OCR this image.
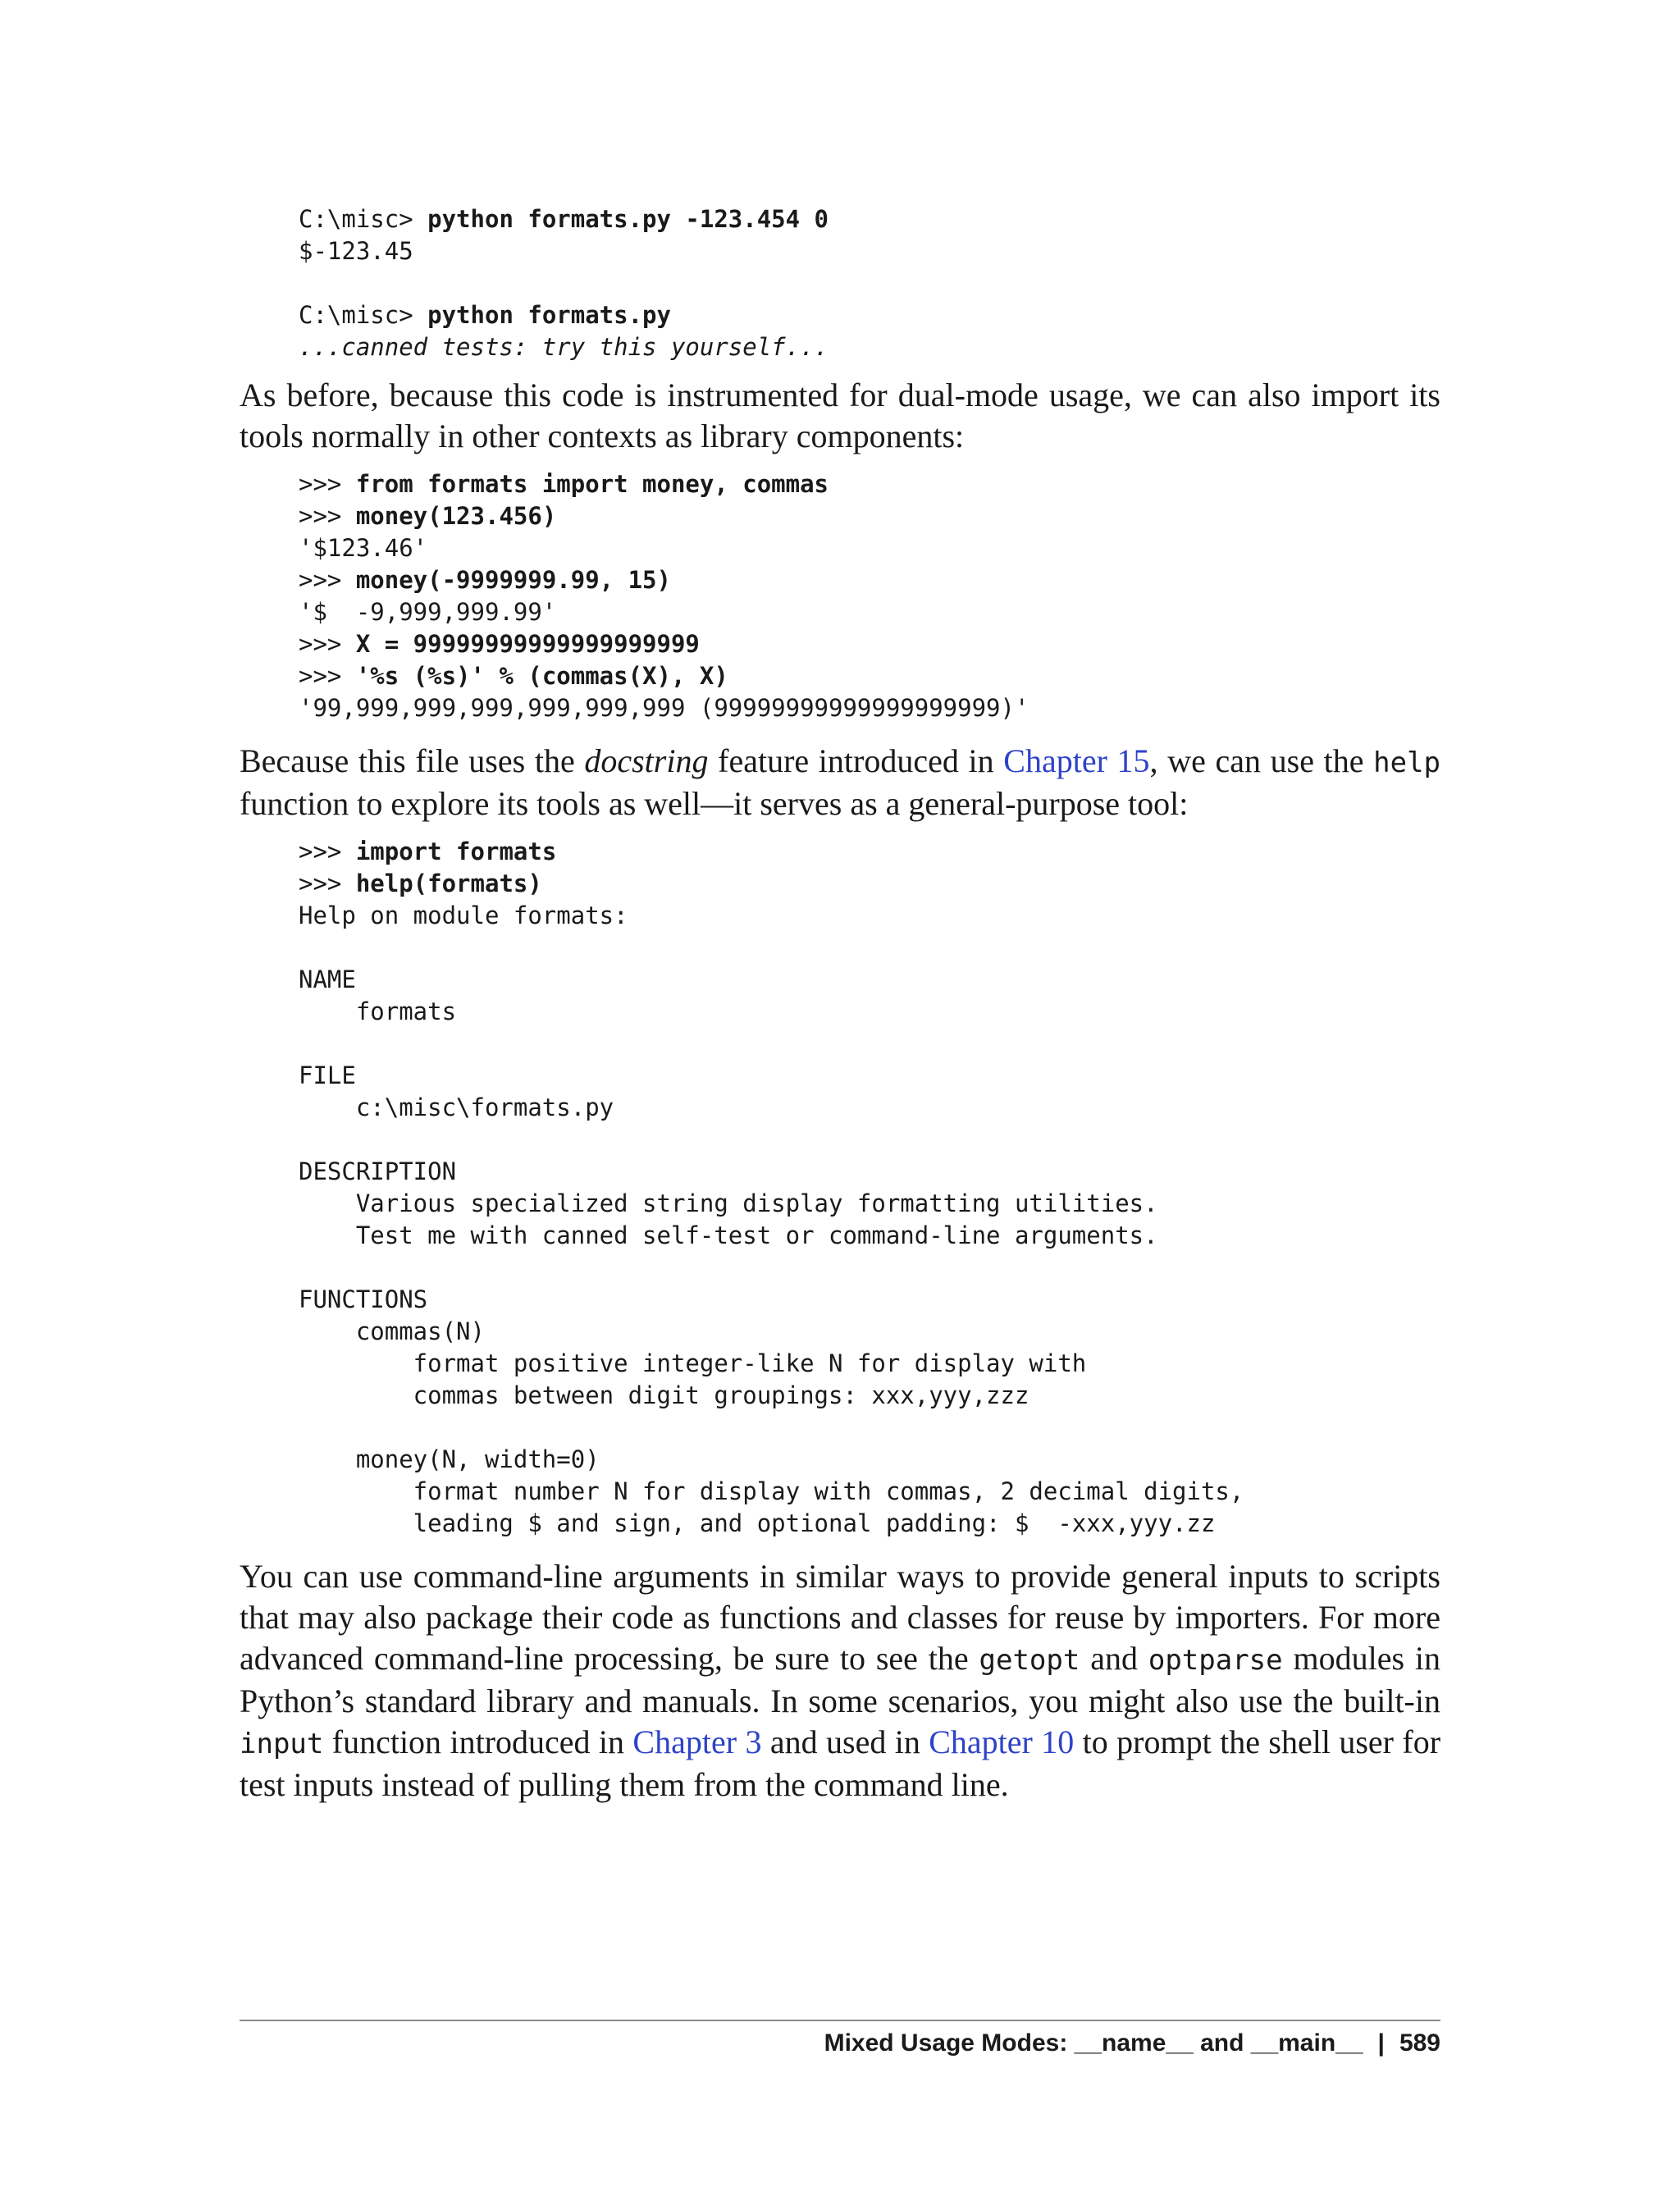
C:\misc> python formats.py -123.454 0
$-123.45
C:\misc> python formats.py
...canned tests: try this yourself...

As before, because this code is instrumented for dual-mode usage, we can also import its tools normally in other contexts as library components:

>>> from formats import money, commas
>>> money(123.456)
'$123.46'
>>> money(-9999999.99, 15)
'$  -9,999,999.99'
>>> X = 99999999999999999999
>>> '%s (%s)' % (commas(X), X)
'99,999,999,999,999,999,999 (99999999999999999999)'

Because this file uses the docstring feature introduced in Chapter 15, we can use the help function to explore its tools as well—it serves as a general-purpose tool:

>>> import formats
>>> help(formats)
Help on module formats:
NAME
formats
FILE
c:\misc\formats.py
DESCRIPTION
Various specialized string display formatting utilities.
Test me with canned self-test or command-line arguments.
FUNCTIONS
commas(N)
format positive integer-like N for display with
commas between digit groupings: xxx,yyy,zzz
money(N, width=0)
format number N for display with commas, 2 decimal digits,
leading $ and sign, and optional padding: $  -xxx,yyy.zz

You can use command-line arguments in similar ways to provide general inputs to scripts that may also package their code as functions and classes for reuse by importers. For more advanced command-line processing, be sure to see the getopt and optparse modules in Python’s standard library and manuals. In some scenarios, you might also use the built-in input function introduced in Chapter 3 and used in Chapter 10 to prompt the shell user for test inputs instead of pulling them from the command line.

Mixed Usage Modes: __name__ and __main__ | 589
